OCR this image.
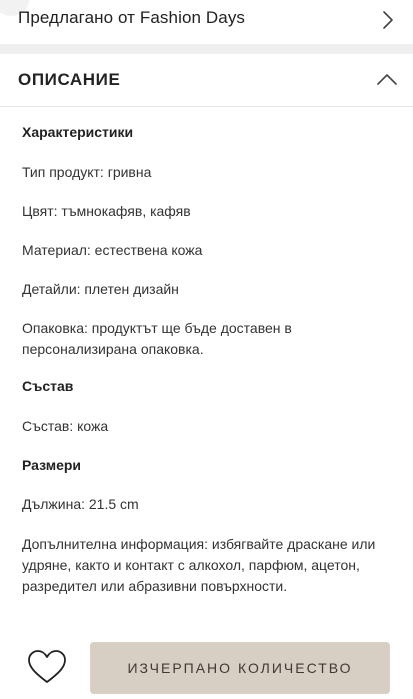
Предлагано от Fashion Days
ОПИСАНИЕ

Характеристики

Тип продукт: гривна

Цвят: тъмнокафяв, кафяв

Материал: естествена кожа

Детайли: плетен дизайн

Опаковка: продуктът ще бъде доставен в персонализирана опаковка.

Състав

Състав: кожа

Размери

Дължина: 21.5 cm

Допълнителна информация: избягвайте драскане или удряне, както и контакт с алкохол, парфюм, ацетон, разредител или абразивни повърхности.

ИЗЧЕРПАНО КОЛИЧЕСТВО
